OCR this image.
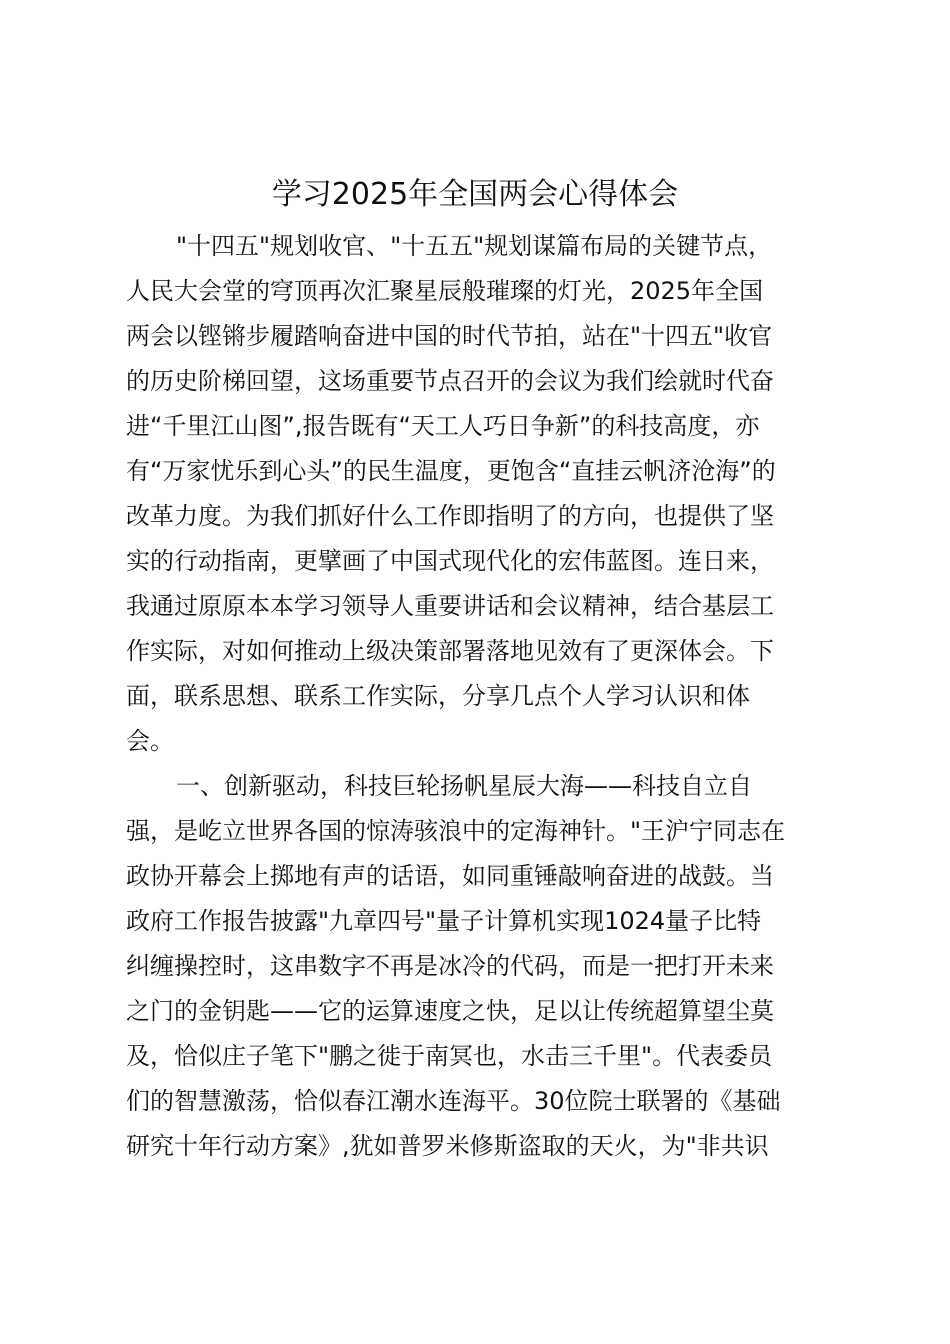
学习2025年全国两会心得体会
"十四五"规划收官、"十五五"规划谋篇布局的关键节点，
人民大会堂的穹顶再次汇聚星辰般璀璨的灯光，2025年全国
两会以铿锵步履踏响奋进中国的时代节拍，站在"十四五"收官
的历史阶梯回望，这场重要节点召开的会议为我们绘就时代奋
进“千里江山图”,报告既有“天工人巧日争新”的科技高度，亦
有“万家忧乐到心头”的民生温度，更饱含“直挂云帆济沧海”的
改革力度。为我们抓好什么工作即指明了的方向，也提供了坚
实的行动指南，更擘画了中国式现代化的宏伟蓝图。连日来，
我通过原原本本学习领导人重要讲话和会议精神，结合基层工
作实际，对如何推动上级决策部署落地见效有了更深体会。下
面，联系思想、联系工作实际，分享几点个人学习认识和体
会。
一、创新驱动，科技巨轮扬帆星辰大海——科技自立自
强，是屹立世界各国的惊涛骇浪中的定海神针。"王沪宁同志在
政协开幕会上掷地有声的话语，如同重锤敲响奋进的战鼓。当
政府工作报告披露"九章四号"量子计算机实现1024量子比特
纠缠操控时，这串数字不再是冰冷的代码，而是一把打开未来
之门的金钥匙——它的运算速度之快，足以让传统超算望尘莫
及，恰似庄子笔下"鹏之徙于南冥也，水击三千里"。代表委员
们的智慧激荡，恰似春江潮水连海平。30位院士联署的《基础
研究十年行动方案》,犹如普罗米修斯盗取的天火，为"非共识
